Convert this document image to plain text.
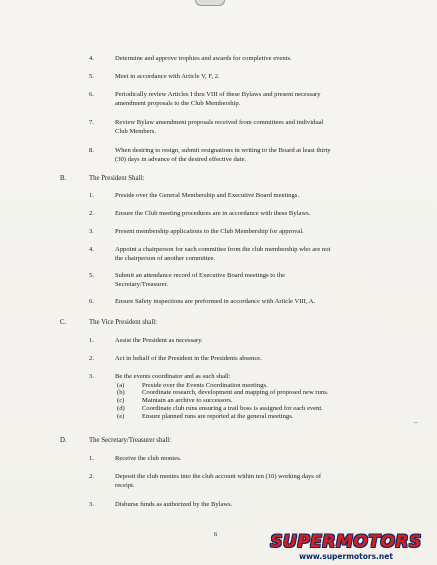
4.	Determine and approve trophies and awards for completive events.
5.	Meet in accordance with Article V, F, 2.
6.	Periodically review Articles I thru VIII of these Bylaws and present necessary
amendment proposals to the Club Membership.
7.	Review Bylaw amendment proposals received from committees and individual
Club Members.
8.	When desiring to resign, submit resignations in writing to the Board at least thirty
(30) days in advance of the desired effective date.
B.	The President Shall:
1.	Preside over the General Membership and Executive Board meetings.
2.	Ensure the Club meeting procedures are in accordance with these Bylaws.
3.	Present membership applications to the Club Membership for approval.
4.	Appoint a chairperson for each committee from the club membership who are not
the chairperson of another committee.
5.	Submit an attendance record of Executive Board meetings to the
Secretary/Treasurer.
6.	Ensure Safety inspections are preformed in accordance with Article VIII, A.
C.	The Vice President shall:
1.	Assist the President as necessary.
2.	Act in behalf of the President in the Presidents absence.
3.	Be the events coordinator and as such shall:
(a)	Preside over the Events Coordination meetings.
(b)	Coordinate research, development and mapping of proposed new runs.
(c)	Maintain an archive to successors.
(d)	Coordinate club runs ensuring a trail boss is assigned for each event.
(e)	Ensure planned runs are reported at the general meetings.
D.	The Secretary/Treasurer shall:
1.	Receive the club monies.
2.	Deposit the club monies into the club account within ten (10) working days of
receipt.
3.	Disburse funds as authorized by the Bylaws.
–
6	SUPERMOTORS
www.supermotors.net
